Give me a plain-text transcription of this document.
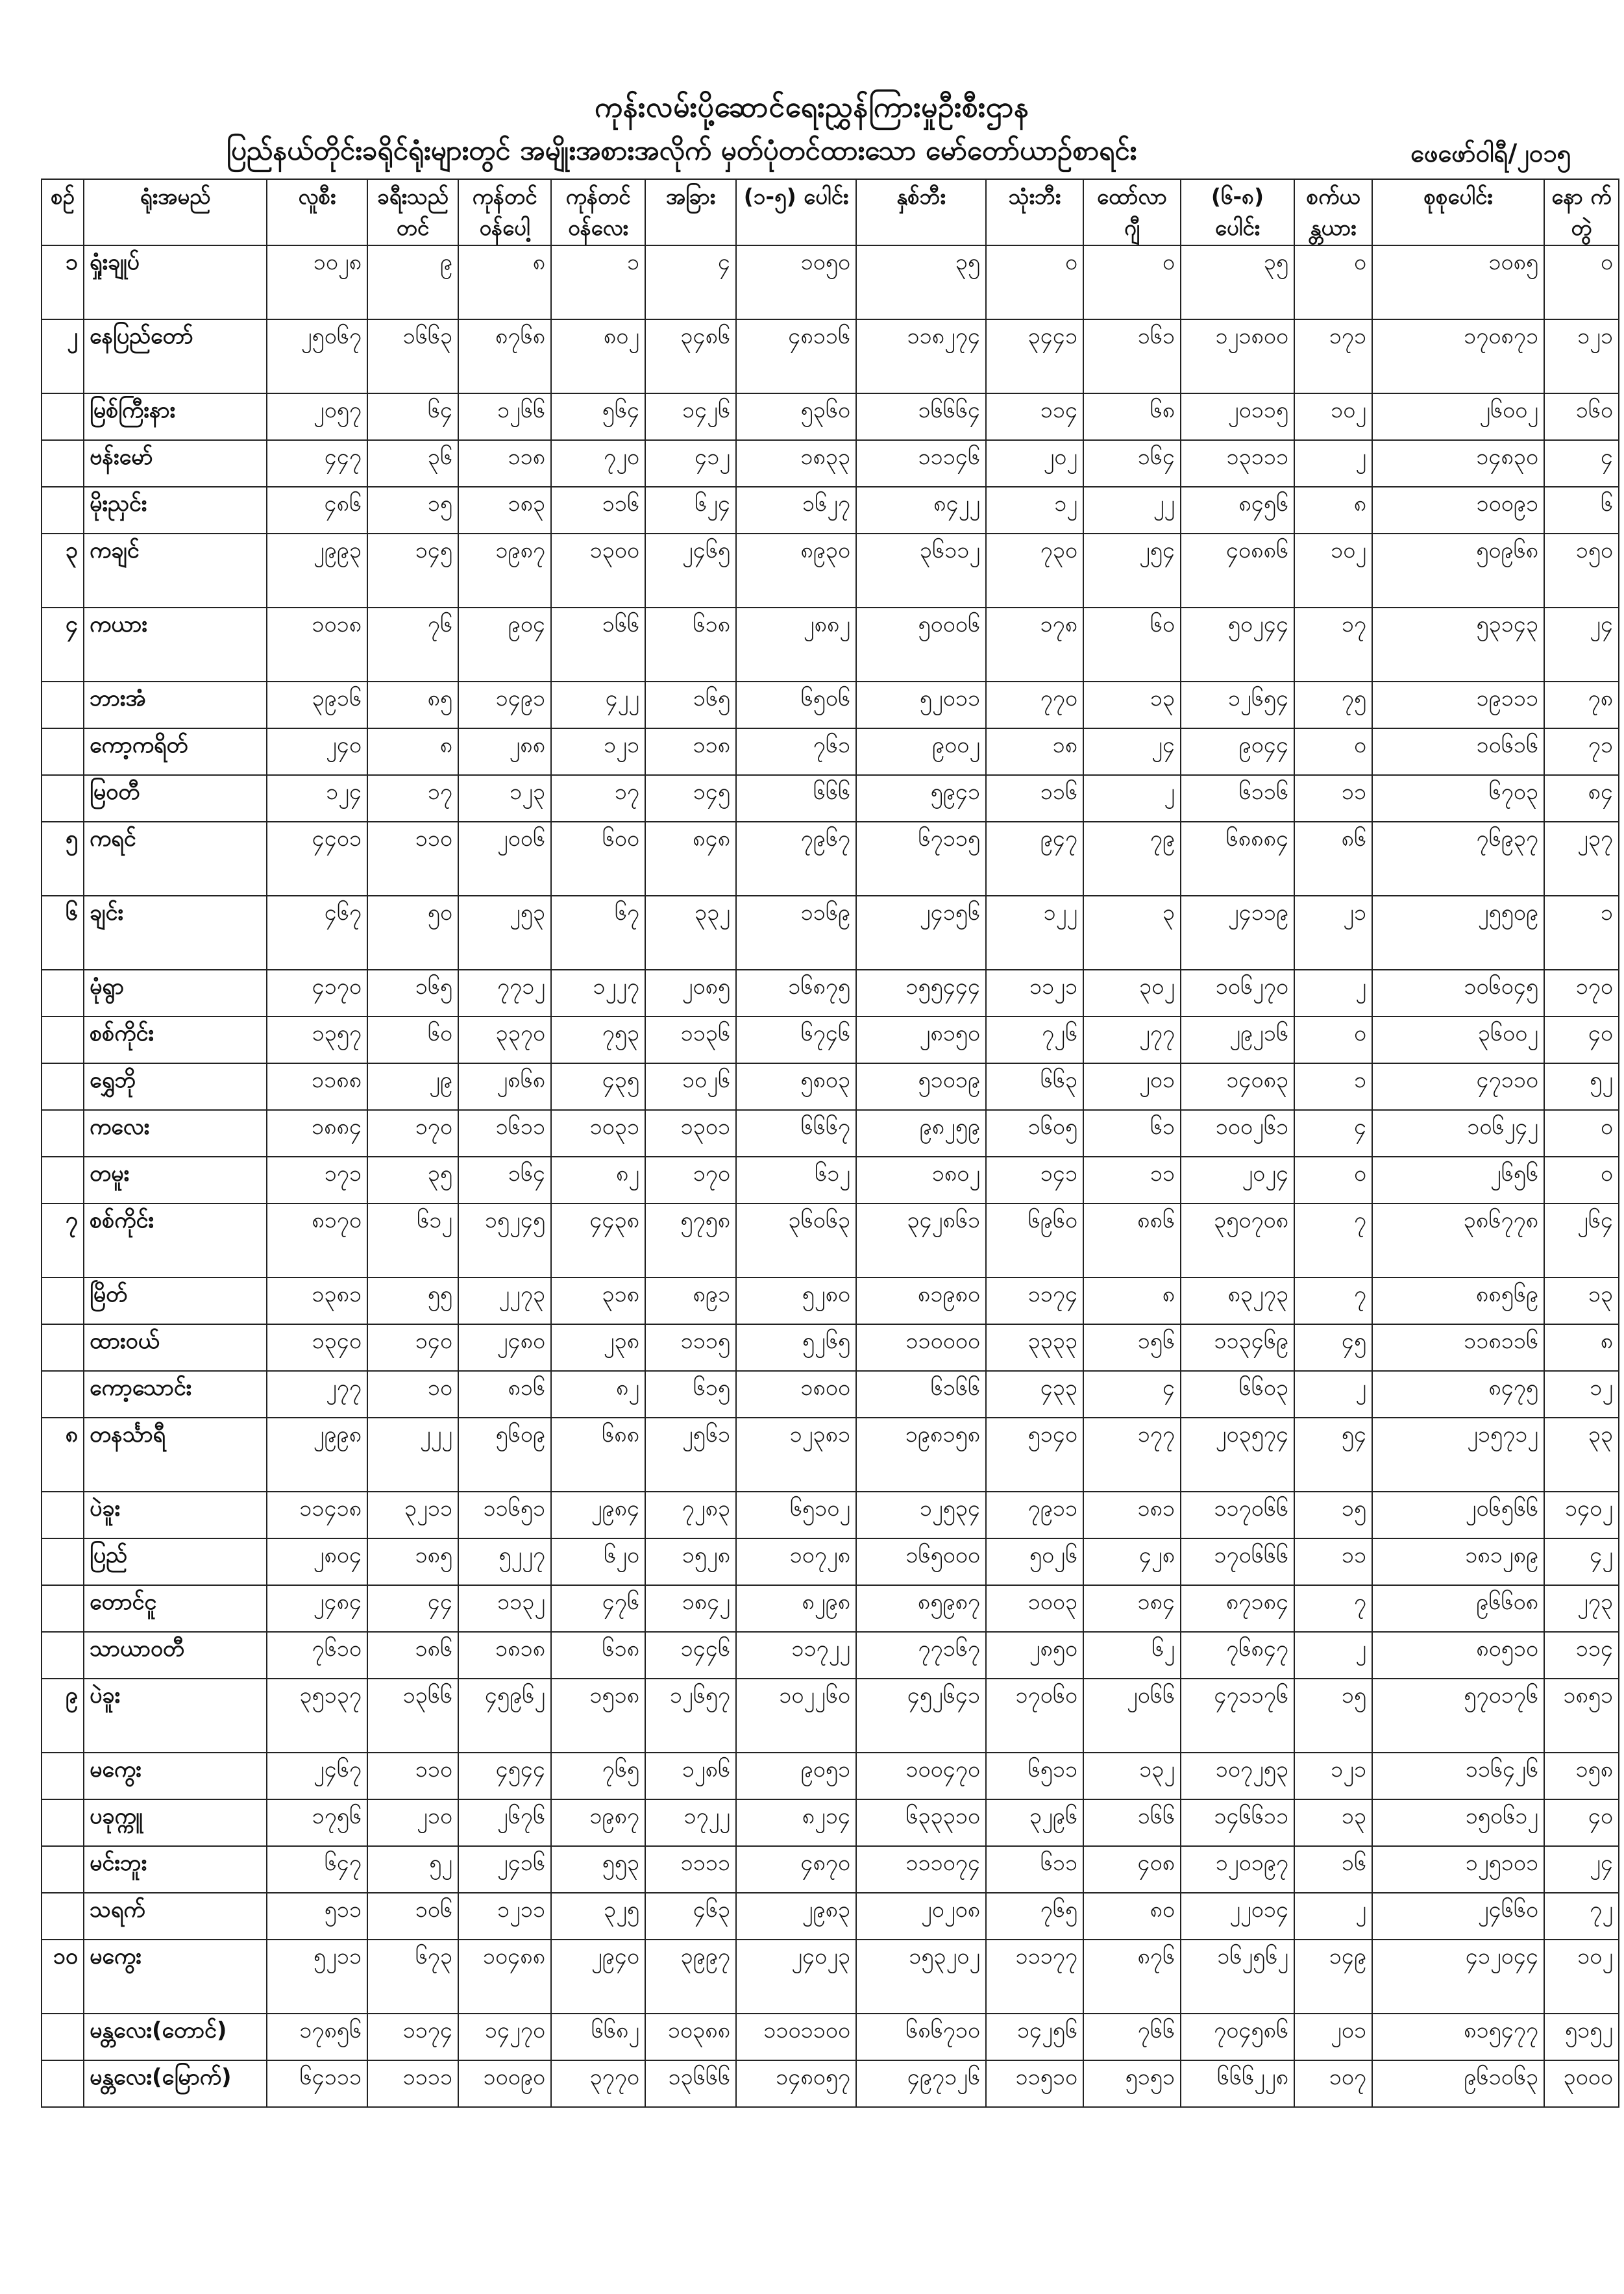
ကုန်းလမ်းပို့ဆောင်ရေးညွှန်ကြားမှုဦးစီးဌာန
ပြည်နယ်တိုင်းခရိုင်ရုံးများတွင် အမျိုးအစားအလိုက် မှတ်ပုံတင်ထားသော မော်တော်ယာဉ်စာရင်း	ဖေဖော်ဝါရီ/၂၀၁၅
စဉ်	ရုံးအမည်	လူစီး	ခရီးသည် တင်	ကုန်တင် ဝန်ပေါ့	ကုန်တင် ဝန်လေး	အခြား	(၁-၅) ပေါင်း	နှစ်ဘီး	သုံးဘီး	ထော်လာ ဂျီ	(၆-၈) ပေါင်း	စက်ယ န္တယား	စုစုပေါင်း	နော က်တွဲ
၁	ရှုံးချုပ်	၁၀၂၈	၉	၈	၁	၄	၁၀၅၀	၃၅	၀	၀	၃၅	၀	၁၀၈၅	၀
၂	နေပြည်တော်	၂၅၀၆၇	၁၆၆၃	၈၇၆၈	၈၀၂	၃၄၈၆	၄၈၁၁၆	၁၁၈၂၇၄	၃၄၄၁	၁၆၁	၁၂၁၈၀၀	၁၇၁	၁၇၀၈၇၁	၁၂၁
	မြစ်ကြီးနား	၂၀၅၇	၆၄	၁၂၆၆	၅၆၄	၁၄၂၆	၅၃၆၀	၁၆၆၆၄	၁၁၄	၆၈	၂၀၁၁၅	၁၀၂	၂၆၀၀၂	၁၆၀
	ဗန်းမော်	၄၄၇	၃၆	၁၁၈	၇၂၀	၄၁၂	၁၈၃၃	၁၁၁၄၆	၂၀၂	၁၆၄	၁၃၁၁၁	၂	၁၄၈၃၀	၄
	မိုးညှင်း	၄၈၆	၁၅	၁၈၃	၁၁၆	၆၂၄	၁၆၂၇	၈၄၂၂	၁၂	၂၂	၈၄၅၆	၈	၁၀၀၉၁	၆
၃	ကချင်	၂၉၉၃	၁၄၅	၁၉၈၇	၁၃၀၀	၂၄၆၅	၈၉၃၀	၃၆၁၁၂	၇၃၀	၂၅၄	၄၀၈၈၆	၁၀၂	၅၀၉၆၈	၁၅၀
၄	ကယား	၁၀၁၈	၇၆	၉၀၄	၁၆၆	၆၁၈	၂၈၈၂	၅၀၀၀၆	၁၇၈	၆၀	၅၀၂၄၄	၁၇	၅၃၁၄၃	၂၄
	ဘားအံ	၃၉၁၆	၈၅	၁၄၉၁	၄၂၂	၁၆၅	၆၅၀၆	၅၂၀၁၁	၇၇၀	၁၃	၁၂၆၅၄	၇၅	၁၉၁၁၁	၇၈
	ကော့ကရိတ်	၂၄၀	၈	၂၈၈	၁၂၁	၁၁၈	၇၆၁	၉၀၀၂	၁၈	၂၄	၉၀၄၄	၀	၁၀၆၁၆	၇၁
	မြဝတီ	၁၂၄	၁၇	၁၂၃	၁၇	၁၄၅	၆၆၆	၅၉၄၁	၁၁၆	၂	၆၁၁၆	၁၁	၆၇၀၃	၈၄
၅	ကရင်	၄၄၀၁	၁၁၀	၂၀၀၆	၆၀၀	၈၄၈	၇၉၆၇	၆၇၁၁၅	၉၄၇	၇၉	၆၈၈၈၄	၈၆	၇၆၉၃၇	၂၃၇
၆	ချင်း	၄၆၇	၅၀	၂၅၃	၆၇	၃၃၂	၁၁၆၉	၂၄၁၅၆	၁၂၂	၃	၂၄၁၁၉	၂၁	၂၅၅၀၉	၁
	မုံရွာ	၄၁၇၀	၁၆၅	၇၇၁၂	၁၂၂၇	၂၀၈၅	၁၆၈၇၅	၁၅၅၄၄၄	၁၁၂၁	၃၀၂	၁၀၆၂၇၀	၂	၁၀၆၀၄၅	၁၇၀
	စစ်ကိုင်း	၁၃၅၇	၆၀	၃၃၇၀	၇၅၃	၁၁၃၆	၆၇၄၆	၂၈၁၅၀	၇၂၆	၂၇၇	၂၉၂၁၆	၀	၃၆၀၀၂	၄၀
	ရွှေဘို	၁၁၈၈	၂၉	၂၈၆၈	၄၃၅	၁၀၂၆	၅၈၀၃	၅၁၀၁၉	၆၆၃	၂၀၁	၁၄၀၈၃	၁	၄၇၁၁၀	၅၂
	ကလေး	၁၈၈၄	၁၇၀	၁၆၁၁	၁၀၃၁	၁၃၀၁	၆၆၆၇	၉၈၂၅၉	၁၆၀၅	၆၁	၁၀၀၂၆၁	၄	၁၀၆၂၄၂	၀
	တမူး	၁၇၁	၃၅	၁၆၄	၈၂	၁၇၀	၆၁၂	၁၈၀၂	၁၄၁	၁၁	၂၀၂၄	၀	၂၆၅၆	၀
၇	စစ်ကိုင်း	၈၁၇၀	၆၁၂	၁၅၂၄၅	၄၄၃၈	၅၇၅၈	၃၆၀၆၃	၃၄၂၈၆၁	၆၉၆၀	၈၈၆	၃၅၀၇၀၈	၇	၃၈၆၇၇၈	၂၆၄
	မြိတ်	၁၃၈၁	၅၅	၂၂၇၃	၃၁၈	၈၉၁	၅၂၈၀	၈၁၉၈၀	၁၁၇၄	၈	၈၃၂၇၃	၇	၈၈၅၆၉	၁၃
	ထားဝယ်	၁၃၄၀	၁၄၀	၂၄၈၀	၂၃၈	၁၁၁၅	၅၂၆၅	၁၁၀၀၀၀	၃၃၃၃	၁၅၆	၁၁၃၄၆၉	၄၅	၁၁၈၁၁၆	၈
	ကော့သောင်း	၂၇၇	၁၀	၈၁၆	၈၂	၆၁၅	၁၈၀၀	၆၁၆၆	၄၃၃	၄	၆၆၀၃	၂	၈၄၇၅	၁၂
၈	တနင်္သာရီ	၂၉၉၈	၂၂၂	၅၆၀၉	၆၈၈	၂၅၆၁	၁၂၃၈၁	၁၉၈၁၅၈	၅၁၄၀	၁၇၇	၂၀၃၅၇၄	၅၄	၂၁၅၇၁၂	၃၃
	ပဲခူး	၁၁၄၁၈	၃၂၁၁	၁၁၆၅၁	၂၉၈၄	၇၂၈၃	၆၅၁၀၂	၁၂၅၃၄	၇၉၁၁	၁၈၁	၁၁၇၀၆၆	၁၅	၂၀၆၅၆၆	၁၄၀၂
	ပြည်	၂၈၀၄	၁၈၅	၅၂၂၇	၆၂၀	၁၅၂၈	၁၀၇၂၈	၁၆၅၀၀၀	၅၀၂၆	၄၂၈	၁၇၀၆၆၆	၁၁	၁၈၁၂၈၉	၄၂
	တောင်ငူ	၂၄၈၄	၄၄	၁၁၃၂	၄၇၆	၁၈၄၂	၈၂၉၈	၈၅၉၈၇	၁၀၀၃	၁၈၄	၈၇၁၈၄	၇	၉၆၆၀၈	၂၇၃
	သာယာဝတီ	၇၆၁၀	၁၈၆	၁၈၁၈	၆၁၈	၁၄၄၆	၁၁၇၂၂	၇၇၁၆၇	၂၈၅၀	၆၂	၇၆၈၄၇	၂	၈၀၅၁၀	၁၁၄
၉	ပဲခူး	၃၅၁၃၇	၁၃၆၆	၄၅၉၆၂	၁၅၁၈	၁၂၆၅၇	၁၀၂၂၆၀	၄၅၂၆၄၁	၁၇၀၆၀	၂၀၆၆	၄၇၁၁၇၆	၁၅	၅၇၀၁၇၆	၁၈၅၁
	မကွေး	၂၄၆၇	၁၁၀	၄၅၄၄	၇၆၅	၁၂၈၆	၉၀၅၁	၁၀၀၄၇၀	၆၅၁၁	၁၃၂	၁၀၇၂၅၃	၁၂၁	၁၁၆၄၂၆	၁၅၈
	ပခုက္ကူ	၁၇၅၆	၂၁၀	၂၆၇၆	၁၉၈၇	၁၇၂၂	၈၂၁၄	၆၃၃၃၁၀	၃၂၉၆	၁၆၆	၁၄၆၆၁၁	၁၃	၁၅၀၆၁၂	၄၀
	မင်းဘူး	၆၄၇	၅၂	၂၄၁၆	၅၅၃	၁၁၁၁	၄၈၇၀	၁၁၁၀၇၄	၆၁၁	၄၀၈	၁၂၀၁၉၇	၁၆	၁၂၅၁၀၁	၂၄
	သရက်	၅၁၁	၁၀၆	၁၂၁၁	၃၂၅	၄၆၃	၂၉၈၃	၂၀၂၀၈	၇၆၅	၈၀	၂၂၀၁၄	၂	၂၄၆၆၀	၇၂
၁၀	မကွေး	၅၂၁၁	၆၇၃	၁၀၄၈၈	၂၉၄၀	၃၉၉၇	၂၄၀၂၃	၁၅၃၂၀၂	၁၁၁၇၇	၈၇၆	၁၆၂၅၆၂	၁၄၉	၄၁၂၀၄၄	၁၀၂
	မန္တလေး(တောင်)	၁၇၈၅၆	၁၁၇၄	၁၄၂၇၀	၆၆၈၂	၁၀၃၈၈	၁၁၀၁၁၀၀	၆၈၆၇၁၀	၁၄၂၅၆	၇၆၆	၇၀၄၅၈၆	၂၀၁	၈၁၅၄၇၇	၅၁၅၂
	မန္တလေး(မြောက်)	၆၄၁၁၁	၁၁၁၁	၁၀၀၉၀	၃၇၇၀	၁၃၆၆၆	၁၄၈၀၅၇	၄၉၇၁၂၆	၁၁၅၁၀	၅၁၅၁	၆၆၆၂၂၈	၁၀၇	၉၆၁၀၆၃	၃၀၀၀
